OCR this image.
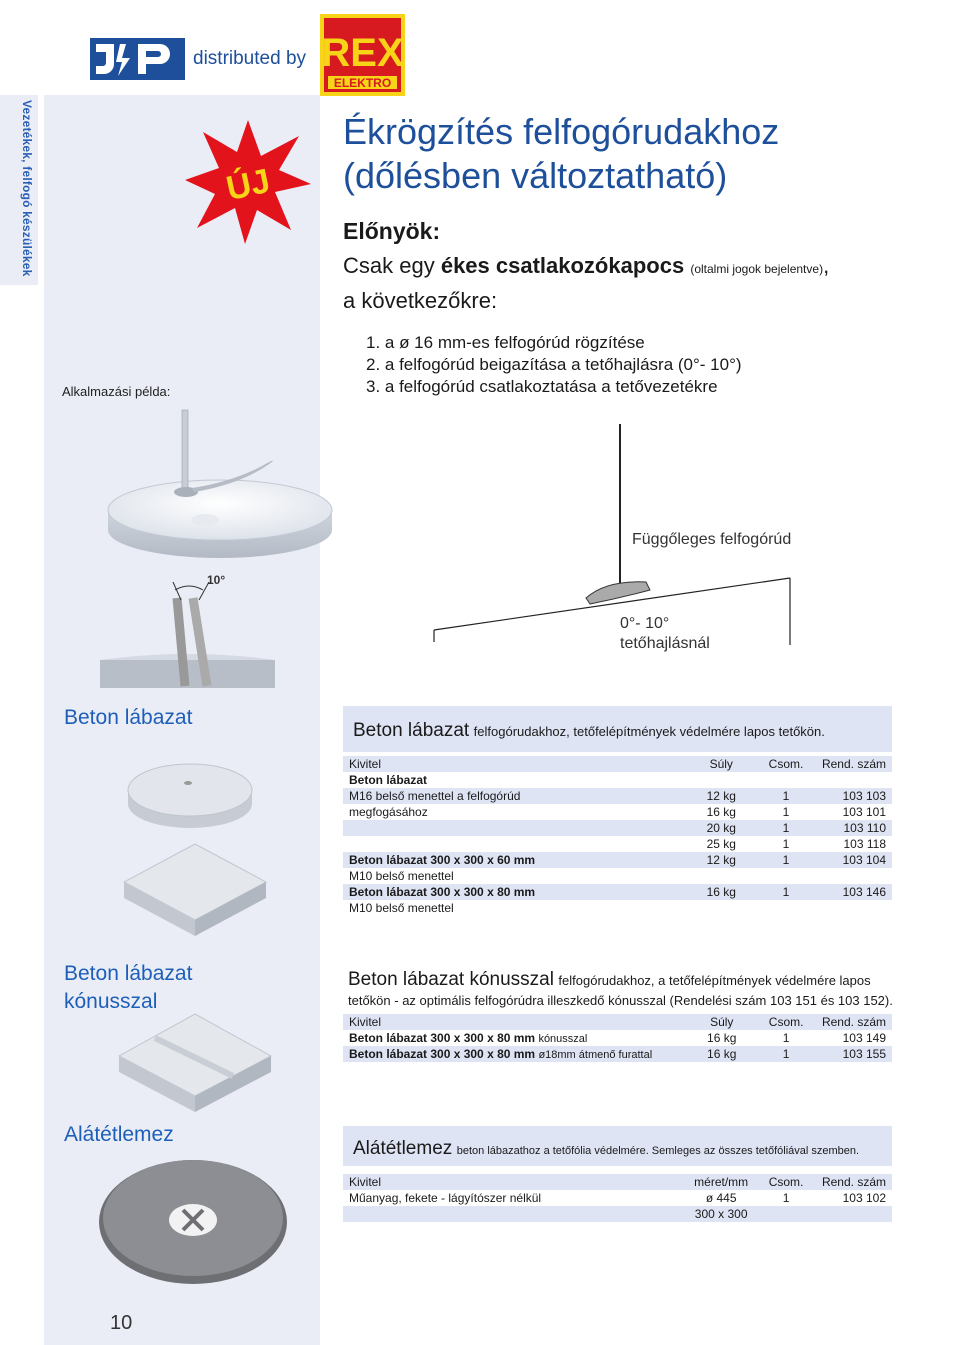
distributed by REX
ELEKTRO
Vezetékek, felfogó készülékek	ÚJ
Ékrögzítés felfogórudakhoz
(dőlésben változtatható)
Előnyök:
Csak egy ékes csatlakozókapocs (oltalmi jogok bejelentve),
a következőkre:
1. a ø 16 mm-es felfogórúd rögzítése
2. a felfogórúd beigazítása a tetőhajlásra (0°- 10°)
3. a felfogórúd csatlakoztatása a tetővezetékre
Alkalmazási példa:
10°
Függőleges felfogórúd
0°- 10°
tetőhajlásnál
Beton lábazat
Beton lábazat felfogórudakhoz, tetőfelépítmények védelmére lapos tetőkön.
Kivitel	Súly	Csom.	Rend. szám
Beton lábazat			
M16 belső menettel a felfogórúd	12 kg	1	103 103
megfogásához	16 kg	1	103 101
	20 kg	1	103 110
	25 kg	1	103 118
Beton lábazat 300 x 300 x 60 mm	12 kg	1	103 104
M10 belső menettel			
Beton lábazat 300 x 300 x 80 mm	16 kg	1	103 146
M10 belső menettel			
Beton lábazat
kónusszal
Beton lábazat kónusszal felfogórudakhoz, a tetőfelépítmények védelmére lapos
tetőkön - az optimális felfogórúdra illeszkedő kónusszal (Rendelési szám 103 151 és 103 152).
Kivitel	Súly	Csom.	Rend. szám
Beton lábazat 300 x 300 x 80 mm kónusszal	16 kg	1	103 149
Beton lábazat 300 x 300 x 80 mm ø18mm átmenő furattal	16 kg	1	103 155
Alátétlemez
Alátétlemez beton lábazathoz a tetőfólia védelmére. Semleges az összes tetőfóliával szemben.
Kivitel	méret/mm	Csom.	Rend. szám
Műanyag, fekete - lágyítószer nélkül	ø 445	1	103 102
	300 x 300		
10
